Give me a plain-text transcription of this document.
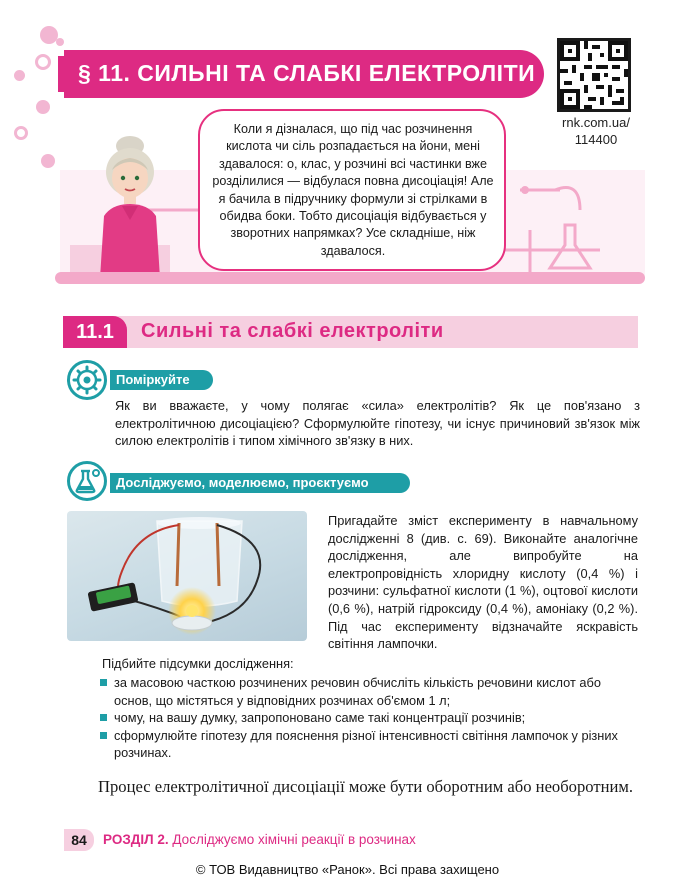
§ 11. СИЛЬНІ ТА СЛАБКІ ЕЛЕКТРОЛІТИ
rnk.com.ua/
114400
Коли я дізналася, що під час розчинення кислота чи сіль розпадається на йони, мені здавалося: о, клас, у розчині всі частинки вже розділилися — відбулася повна дисоціація! Але я бачила в підручнику формули зі стрілками в обидва боки. Тобто дисоціація відбувається у зворотних напрямках? Усе складніше, ніж здавалося.
11.1	Сильні та слабкі електроліти
Поміркуйте
Як ви вважаєте, у чому полягає «сила» електролітів? Як це пов'язано з електролітичною дисоціацією? Сформулюйте гіпотезу, чи існує причиновий зв'язок між силою електролітів і типом хімічного зв'язку в них.
Досліджуємо, моделюємо, проєктуємо
Пригадайте зміст експерименту в навчальному дослідженні 8 (див. с. 69). Виконайте аналогічне дослідження, але випробуйте на електропровідність хлоридну кислоту (0,4 %) і розчини: сульфатної кислоти (1 %), оцтової кислоти (0,6 %), натрій гідроксиду (0,4 %), амоніаку (0,2 %). Під час експерименту відзначайте яскравість світіння лампочки.
Підбийте підсумки дослідження:
за масовою часткою розчинених речовин обчисліть кількість речовини кислот або основ, що містяться у відповідних розчинах об'ємом 1 л;
чому, на вашу думку, запропоновано саме такі концентрації розчинів;
сформулюйте гіпотезу для пояснення різної інтенсивності світіння лампочок у різних розчинах.
Процес електролітичної дисоціації може бути оборотним або необоротним.
84	РОЗДІЛ 2. Досліджуємо хімічні реакції в розчинах
© ТОВ Видавництво «Ранок». Всі права захищено
